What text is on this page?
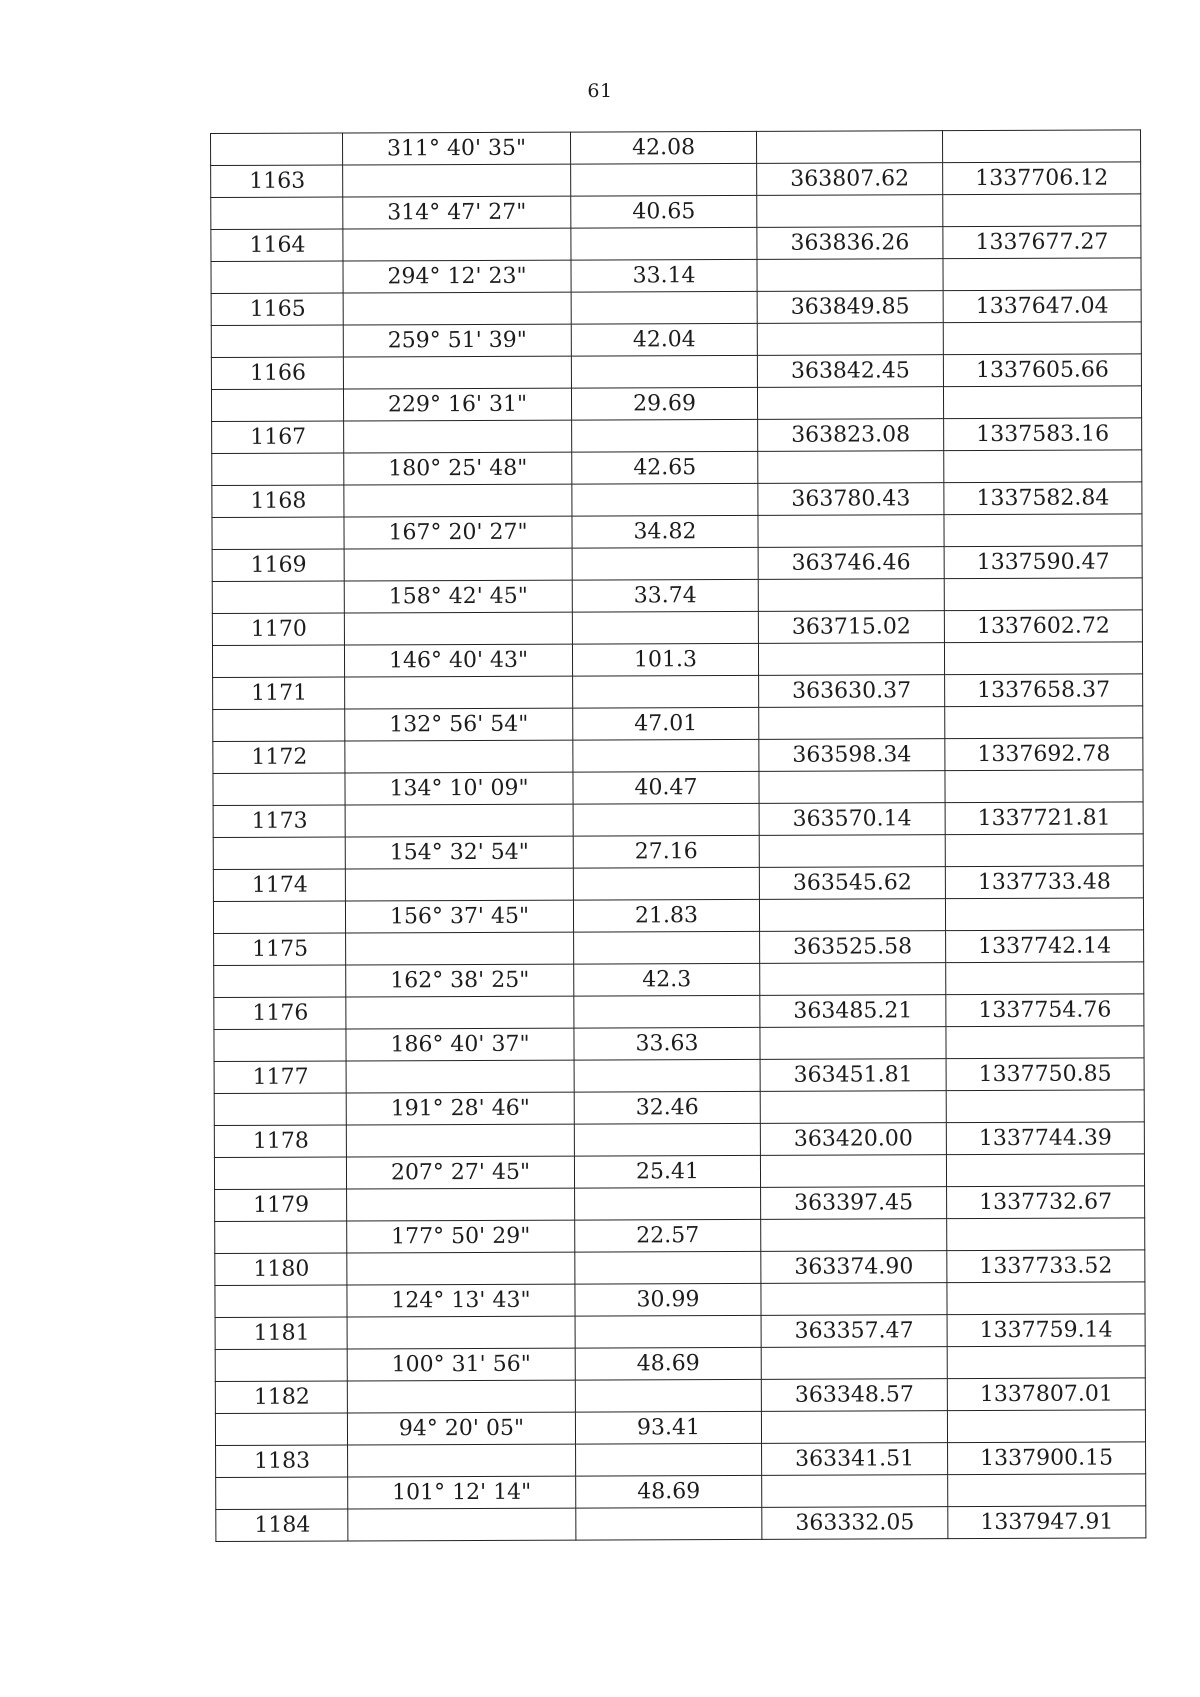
61
	311° 40' 35"	42.08		
1163			363807.62	1337706.12
	314° 47' 27"	40.65		
1164			363836.26	1337677.27
	294° 12' 23"	33.14		
1165			363849.85	1337647.04
	259° 51' 39"	42.04		
1166			363842.45	1337605.66
	229° 16' 31"	29.69		
1167			363823.08	1337583.16
	180° 25' 48"	42.65		
1168			363780.43	1337582.84
	167° 20' 27"	34.82		
1169			363746.46	1337590.47
	158° 42' 45"	33.74		
1170			363715.02	1337602.72
	146° 40' 43"	101.3		
1171			363630.37	1337658.37
	132° 56' 54"	47.01		
1172			363598.34	1337692.78
	134° 10' 09"	40.47		
1173			363570.14	1337721.81
	154° 32' 54"	27.16		
1174			363545.62	1337733.48
	156° 37' 45"	21.83		
1175			363525.58	1337742.14
	162° 38' 25"	42.3		
1176			363485.21	1337754.76
	186° 40' 37"	33.63		
1177			363451.81	1337750.85
	191° 28' 46"	32.46		
1178			363420.00	1337744.39
	207° 27' 45"	25.41		
1179			363397.45	1337732.67
	177° 50' 29"	22.57		
1180			363374.90	1337733.52
	124° 13' 43"	30.99		
1181			363357.47	1337759.14
	100° 31' 56"	48.69		
1182			363348.57	1337807.01
	94° 20' 05"	93.41		
1183			363341.51	1337900.15
	101° 12' 14"	48.69		
1184			363332.05	1337947.91
